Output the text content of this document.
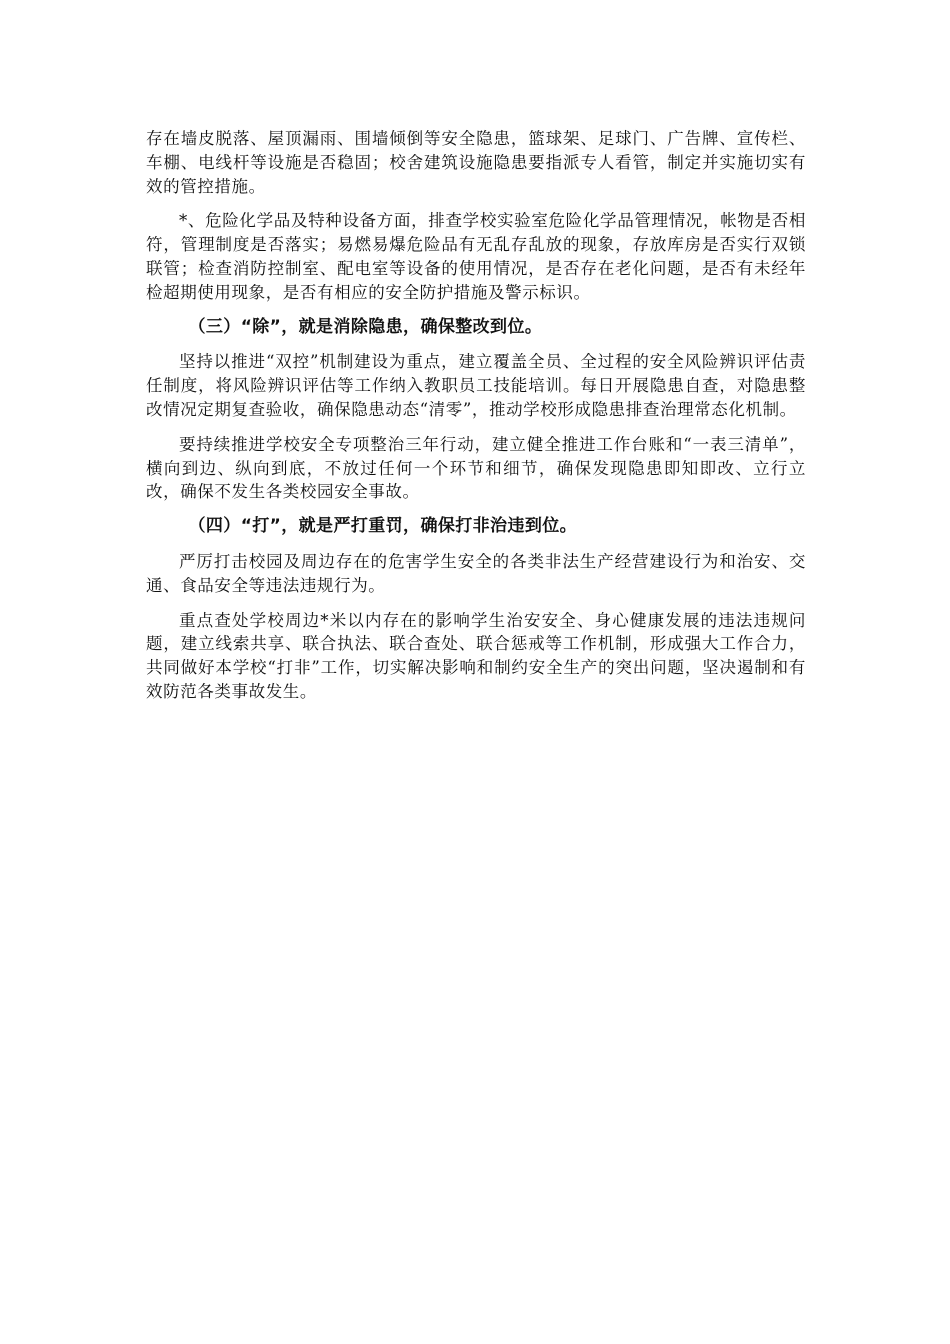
存在墙皮脱落、屋顶漏雨、围墙倾倒等安全隐患，篮球架、足球门、广告牌、宣传栏、车棚、电线杆等设施是否稳固；校舍建筑设施隐患要指派专人看管，制定并实施切实有效的管控措施。

*、危险化学品及特种设备方面，排查学校实验室危险化学品管理情况，帐物是否相符，管理制度是否落实；易燃易爆危险品有无乱存乱放的现象，存放库房是否实行双锁联管；检查消防控制室、配电室等设备的使用情况，是否存在老化问题，是否有未经年检超期使用现象，是否有相应的安全防护措施及警示标识。

（三）“除”，就是消除隐患，确保整改到位。

坚持以推进“双控”机制建设为重点，建立覆盖全员、全过程的安全风险辨识评估责任制度，将风险辨识评估等工作纳入教职员工技能培训。每日开展隐患自查，对隐患整改情况定期复查验收，确保隐患动态“清零”，推动学校形成隐患排查治理常态化机制。

要持续推进学校安全专项整治三年行动，建立健全推进工作台账和“一表三清单”，横向到边、纵向到底，不放过任何一个环节和细节，确保发现隐患即知即改、立行立改，确保不发生各类校园安全事故。

（四）“打”，就是严打重罚，确保打非治违到位。

严厉打击校园及周边存在的危害学生安全的各类非法生产经营建设行为和治安、交通、食品安全等违法违规行为。

重点查处学校周边*米以内存在的影响学生治安安全、身心健康发展的违法违规问题，建立线索共享、联合执法、联合查处、联合惩戒等工作机制，形成强大工作合力，共同做好本学校“打非”工作，切实解决影响和制约安全生产的突出问题，坚决遏制和有效防范各类事故发生。
